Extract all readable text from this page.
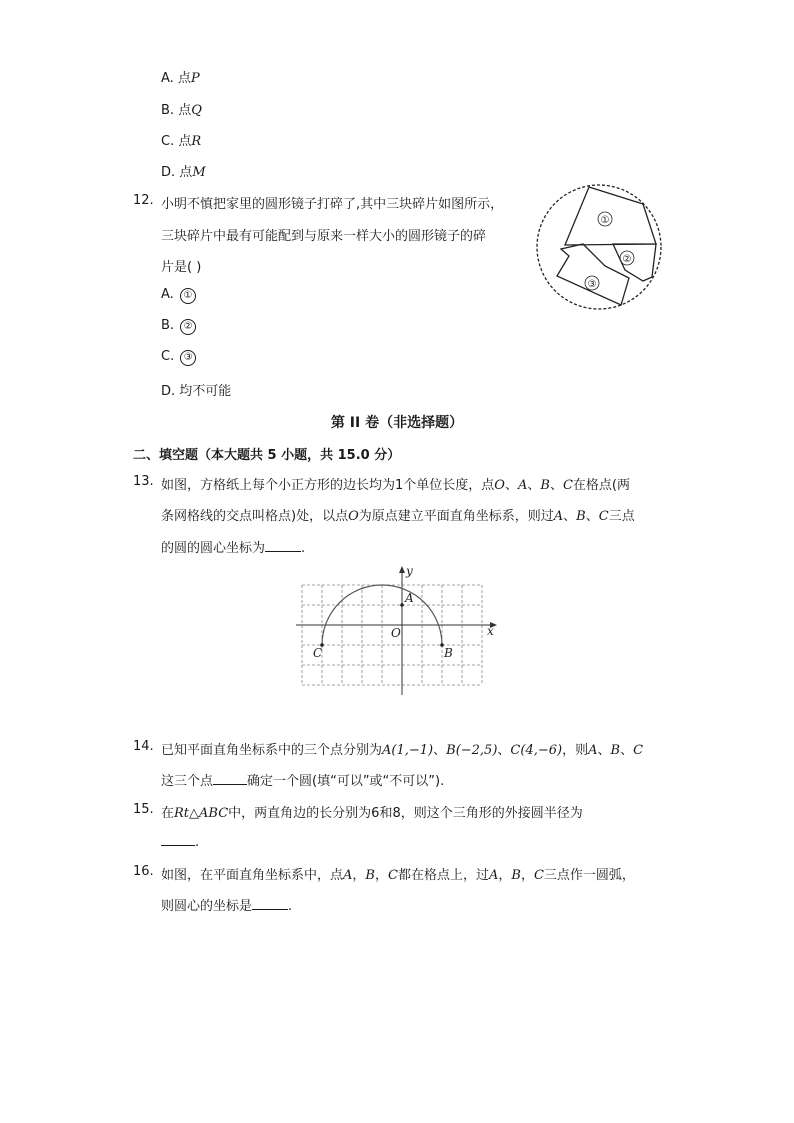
A. 点P
B. 点Q
C. 点R
D. 点M
12. 小明不慎把家里的圆形镜子打碎了,其中三块碎片如图所示，
三块碎片中最有可能配到与原来一样大小的圆形镜子的碎
片是( )
A. ①
B. ②
C. ③
D. 均不可能
①
②
③
第 II 卷（非选择题）
二、填空题（本大题共 5 小题，共 15.0 分）
13. 如图，方格纸上每个小正方形的边长均为1个单位长度，点O、A、B、C在格点(两
条网格线的交点叫格点)处，以点O为原点建立平面直角坐标系，则过A、B、C三点
的圆的圆心坐标为	.
x
y
O
A
B
C
14. 已知平面直角坐标系中的三个点分别为A(1,−1)、B(−2,5)、C(4,−6)，则A、B、C
这三个点	确定一个圆(填“可以”或“不可以”).
15. 在Rt△ABC中，两直角边的长分别为6和8，则这个三角形的外接圆半径为
.
16. 如图，在平面直角坐标系中，点A，B，C都在格点上，过A，B，C三点作一圆弧，
则圆心的坐标是	.
